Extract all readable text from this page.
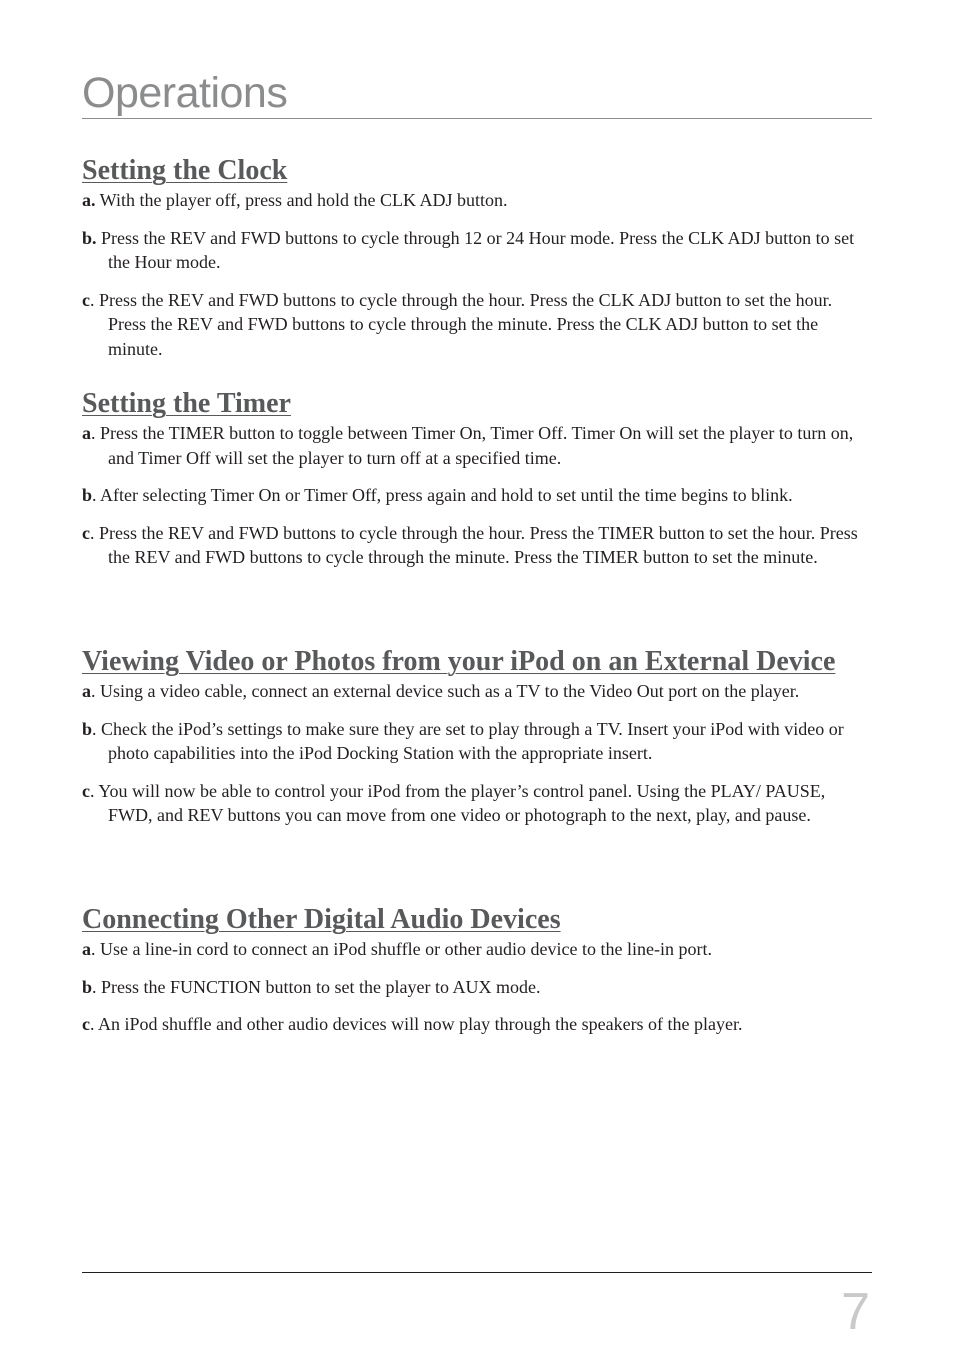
Operations
Setting the Clock

a. With the player off, press and hold the CLK ADJ button.

b. Press the REV and FWD buttons to cycle through 12 or 24 Hour mode. Press the CLK ADJ button to set the Hour mode.

c. Press the REV and FWD buttons to cycle through the hour. Press the CLK ADJ button to set the hour. Press the REV and FWD buttons to cycle through the minute. Press the CLK ADJ button to set the minute.

Setting the Timer

a. Press the TIMER button to toggle between Timer On, Timer Off. Timer On will set the player to turn on, and Timer Off will set the player to turn off at a specified time.

b. After selecting Timer On or Timer Off, press again and hold to set until the time begins to blink.

c. Press the REV and FWD buttons to cycle through the hour. Press the TIMER button to set the hour. Press the REV and FWD buttons to cycle through the minute. Press the TIMER button to set the minute.

Viewing Video or Photos from your iPod on an External Device

a. Using a video cable, connect an external device such as a TV to the Video Out port on the player.

b. Check the iPod’s settings to make sure they are set to play through a TV. Insert your iPod with video or photo capabilities into the iPod Docking Station with the appropriate insert.

c. You will now be able to control your iPod from the player’s control panel. Using the PLAY/ PAUSE, FWD, and REV buttons you can move from one video or photograph to the next, play, and pause.

Connecting Other Digital Audio Devices

a. Use a line-in cord to connect an iPod shuffle or other audio device to the line-in port.

b. Press the FUNCTION button to set the player to AUX mode.

c. An iPod shuffle and other audio devices will now play through the speakers of the player.

7
